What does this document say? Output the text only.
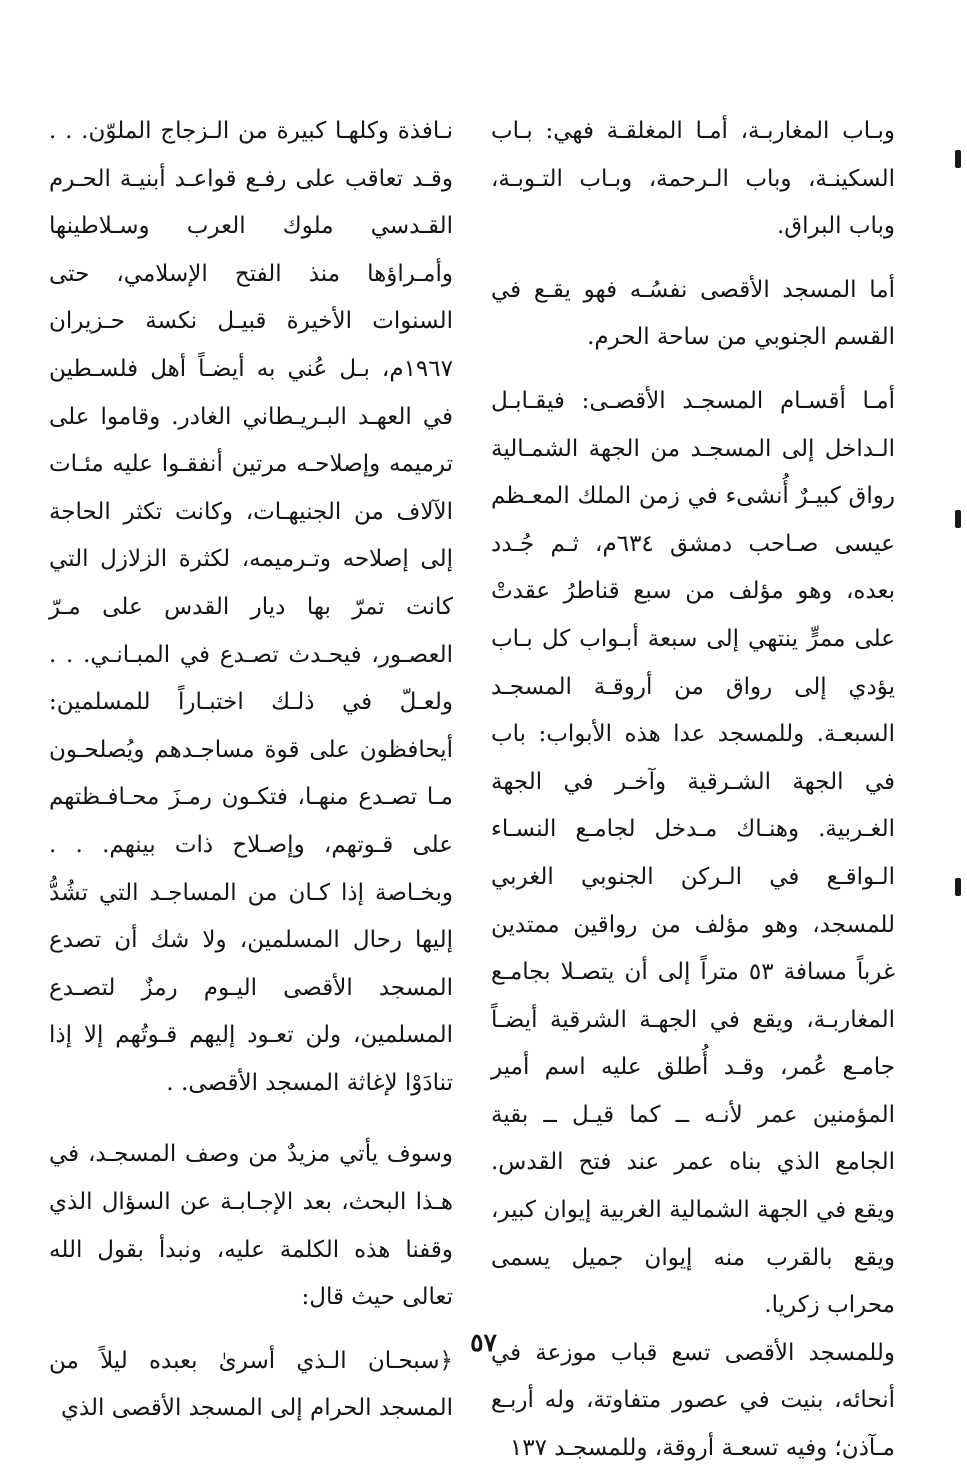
وبـاب المغاربـة، أمـا المغلقـة فهي: بـاب السكينـة، وباب الـرحمة، وبـاب التـوبـة، وباب البراق.

أما المسجد الأقصى نفسُـه فهو يقـع في القسم الجنوبي من ساحة الحرم.

أمـا أقسـام المسجـد الأقصـى: فيقـابـل الـداخل إلى المسجـد من الجهة الشمـالية رواق كبيـرٌ أُنشىء في زمن الملك المعـظم عيسى صـاحب دمشق ٦٣٤م، ثـم جُـدد بعده، وهو مؤلف من سبع قناطرُ عقدتْ على ممرٍّ ينتهي إلى سبعة أبـواب كل بـاب يؤدي إلى رواق من أروقـة المسجـد السبعـة. وللمسجد عدا هذه الأبواب: باب في الجهة الشـرقية وآخـر في الجهة الغـربية. وهنـاك مـدخل لجامـع النسـاء الـواقـع في الـركن الجنوبي الغربي للمسجد، وهو مؤلف من رواقين ممتدين غرباً مسافة ٥٣ متراً إلى أن يتصـلا بجامـع المغاربـة، ويقع في الجهـة الشرقية أيضـاً جامـع عُمر، وقـد أُطلق عليه اسم أمير المؤمنين عمر لأنـه ــ كما قيـل ــ بقية الجامع الذي بناه عمر عند فتح القدس. ويقع في الجهة الشمالية الغربية إيوان كبير، ويقع بالقرب منه إيوان جميل يسمى محراب زكريا.

وللمسجد الأقصى تسع قباب موزعة في أنحائه، بنيت في عصور متفاوتة، وله أربـع مـآذن؛ وفيه تسعـة أروقة، وللمسجـد ١٣٧

نـافذة وكلهـا كبيرة من الـزجاج الملوّن. . . وقـد تعاقب على رفـع قواعـد أبنيـة الحـرم القـدسي ملوك العرب وسـلاطينها وأمـراؤها منذ الفتح الإسلامي، حتى السنوات الأخيرة قبيـل نكسة حـزيران ١٩٦٧م، بـل عُني به أيضـاً أهل فلسـطين في العهـد البـريـطاني الغادر. وقاموا على ترميمه وإصلاحـه مرتين أنفقـوا عليه مئـات الآلاف من الجنيهـات، وكانت تكثر الحاجة إلى إصلاحه وتـرميمه، لكثرة الزلازل التي كانت تمرّ بها ديار القدس على مـرّ العصـور، فيحـدث تصـدع في المبـانـي. . . ولعـلّ في ذلـك اختبـاراً للمسلمين: أيحافظون على قوة مساجـدهم ويُصلحـون مـا تصـدع منهـا، فتكـون رمـزَ محـافـظتهم على قـوتهم، وإصـلاح ذات بينهم. . . وبخـاصة إذا كـان من المساجـد التي تشُدُّ إليها رحال المسلمين، ولا شك أن تصدع المسجد الأقصى اليـوم رمزٌ لتصـدع المسلمين، ولن تعـود إليهم قـوتُهم إلا إذا تنادَوْا لإغاثة المسجد الأقصى. .

وسوف يأتي مزيدٌ من وصف المسجـد، في هـذا البحث، بعد الإجـابـة عن السؤال الذي وقفنا هذه الكلمة عليه، ونبدأ بقول الله تعالى حيث قال:

﴿سبحـان الـذي أسرىٰ بعبده ليلاً من المسجد الحرام إلى المسجد الأقصى الذي

٥٧
